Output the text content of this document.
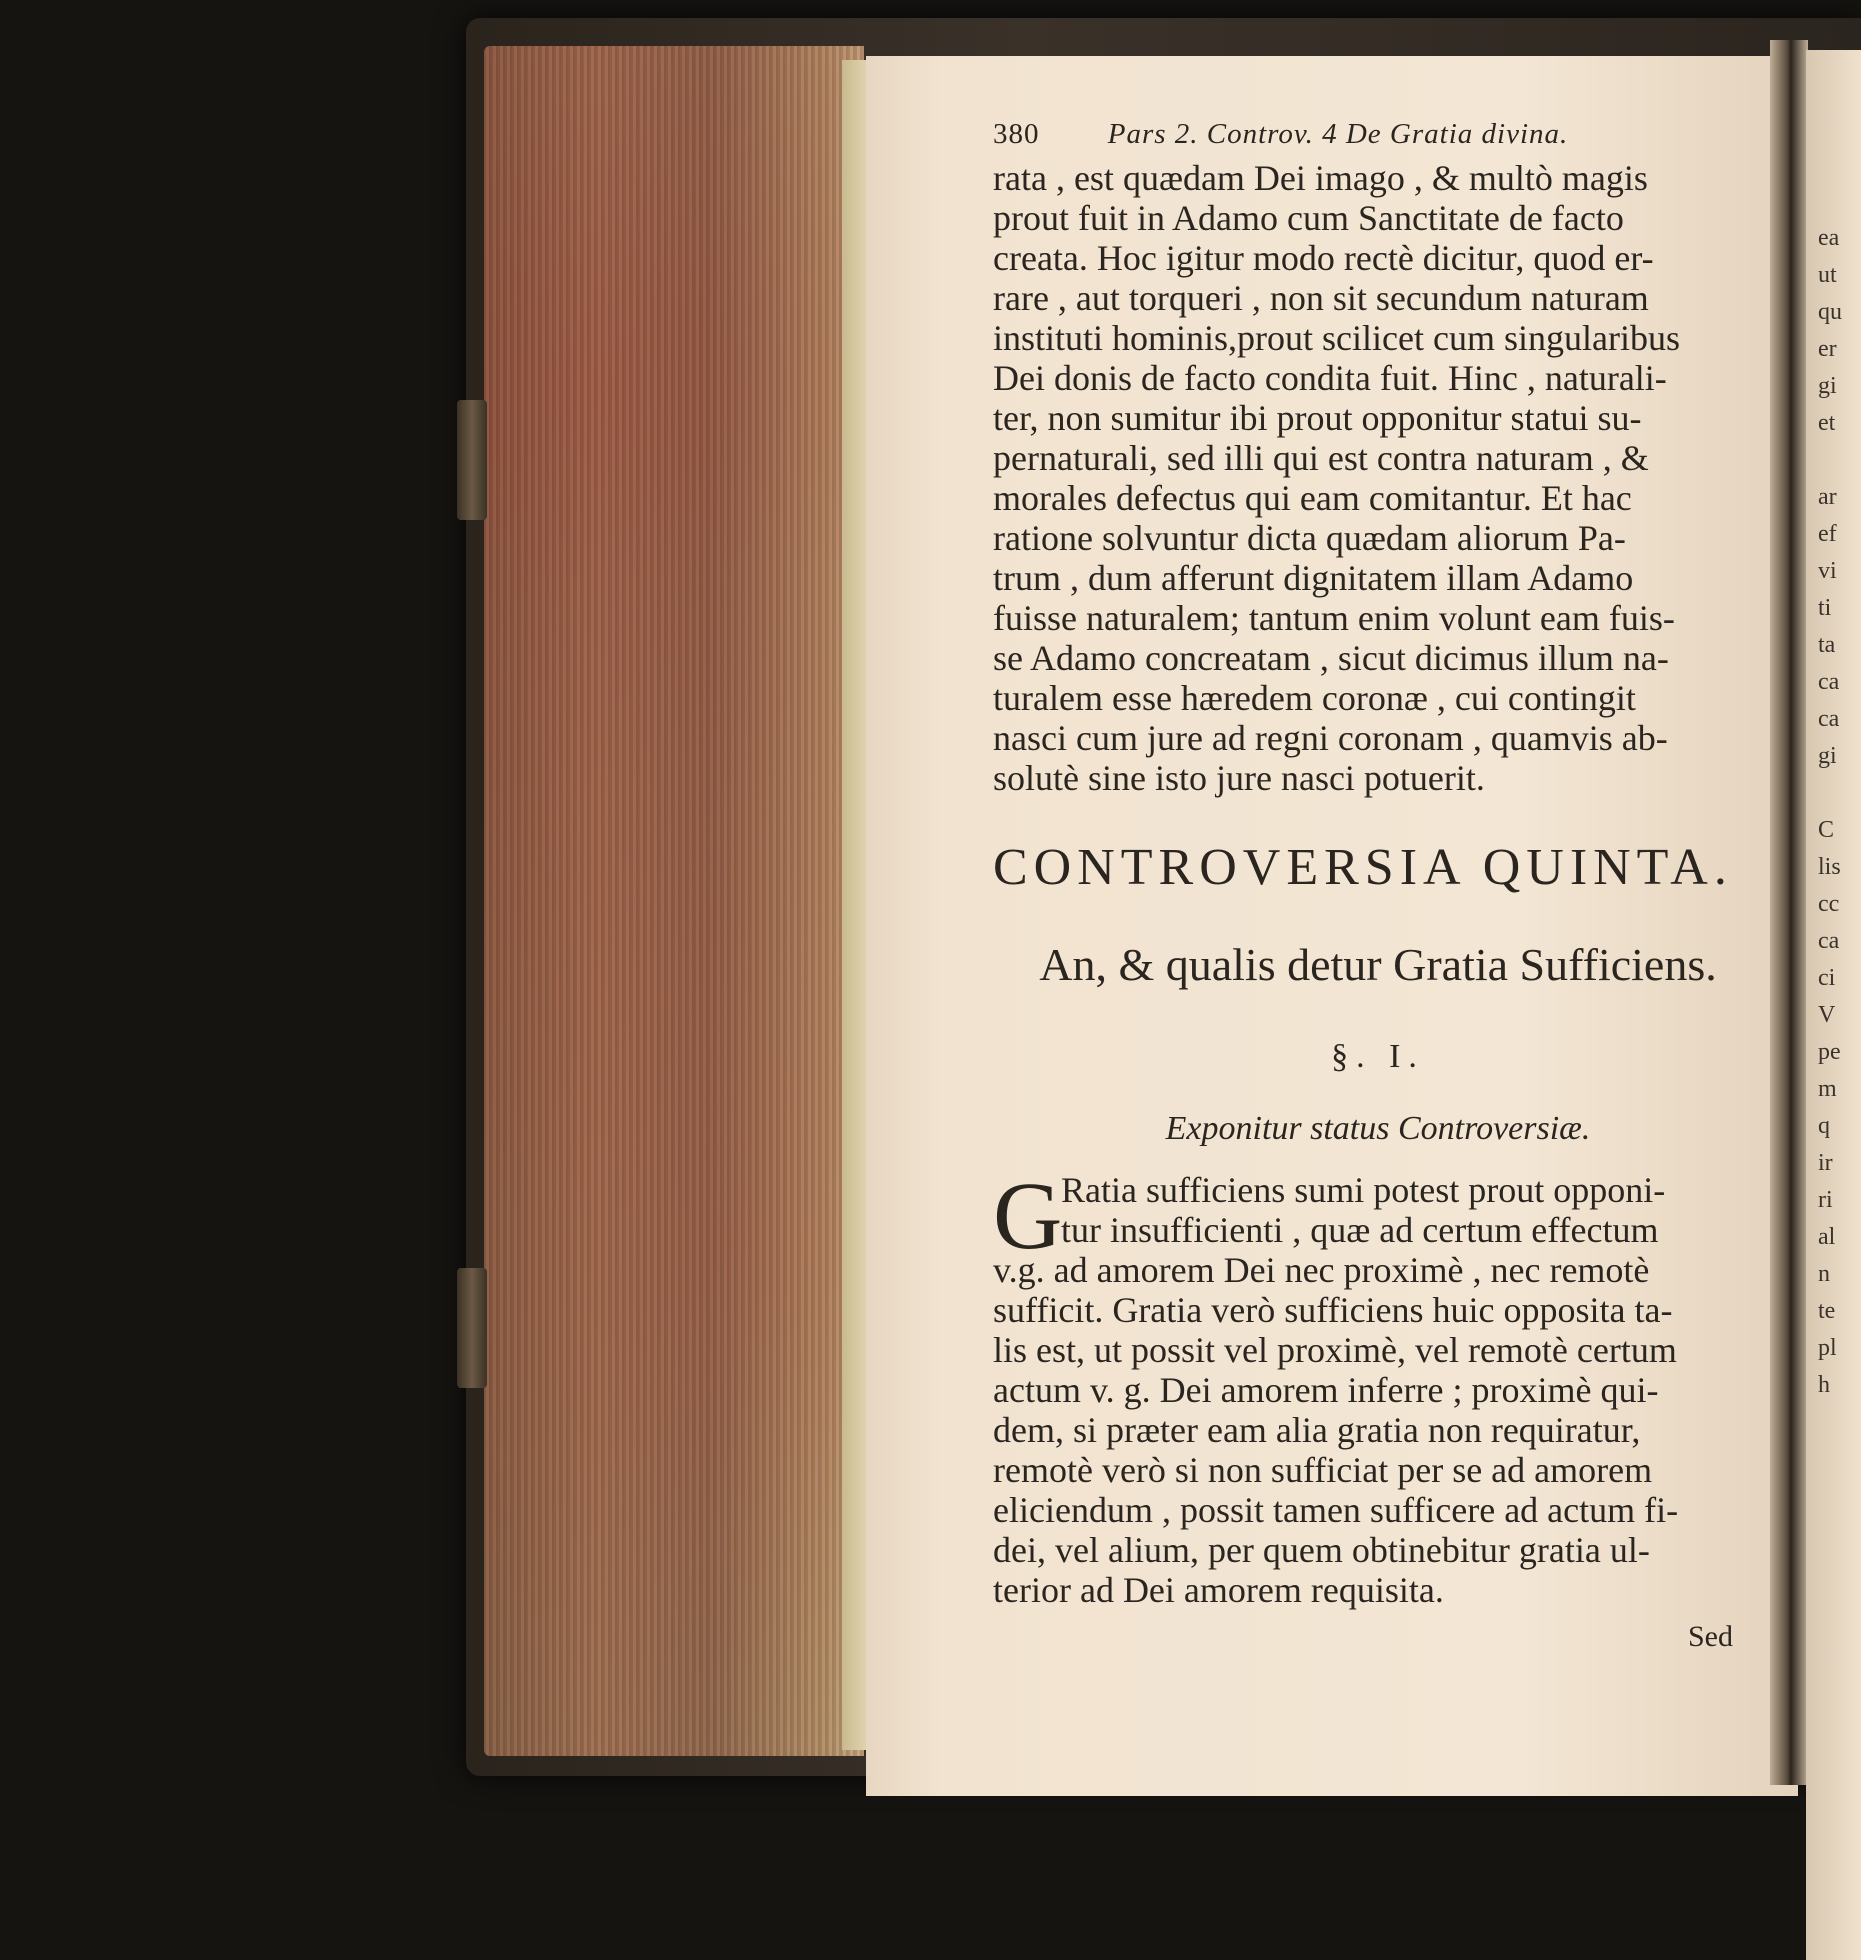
ea
ut
qu
er
gi
et
ar
ef
vi
ti
ta
ca
ca
gi
C
lis
cc
ca
ci
V
pe
m
q
ir
ri
al
n
te
pl
h
380 Pars 2. Controv. 4 De Gratia divina.
rata , est quædam Dei imago , & multò magis
prout fuit in Adamo cum Sanctitate de facto
creata. Hoc igitur modo rectè dicitur, quod er-
rare , aut torqueri , non sit secundum naturam
instituti hominis,prout scilicet cum singularibus
Dei donis de facto condita fuit. Hinc , naturali-
ter, non sumitur ibi prout opponitur statui su-
pernaturali, sed illi qui est contra naturam , &
morales defectus qui eam comitantur. Et hac
ratione solvuntur dicta quædam aliorum Pa-
trum , dum afferunt dignitatem illam Adamo
fuisse naturalem; tantum enim volunt eam fuis-
se Adamo concreatam , sicut dicimus illum na-
turalem esse hæredem coronæ , cui contingit
nasci cum jure ad regni coronam , quamvis ab-
solutè sine isto jure nasci potuerit.
CONTROVERSIA QUINTA.
An, & qualis detur Gratia Sufficiens.
§. I.
Exponitur status Controversiæ.
G
Ratia sufficiens sumi potest prout opponi-
tur insufficienti , quæ ad certum effectum
v.g. ad amorem Dei nec proximè , nec remotè
sufficit. Gratia verò sufficiens huic opposita ta-
lis est, ut possit vel proximè, vel remotè certum
actum v. g. Dei amorem inferre ; proximè qui-
dem, si præter eam alia gratia non requiratur,
remotè verò si non sufficiat per se ad amorem
eliciendum , possit tamen sufficere ad actum fi-
dei, vel alium, per quem obtinebitur gratia ul-
terior ad Dei amorem requisita.
Sed
